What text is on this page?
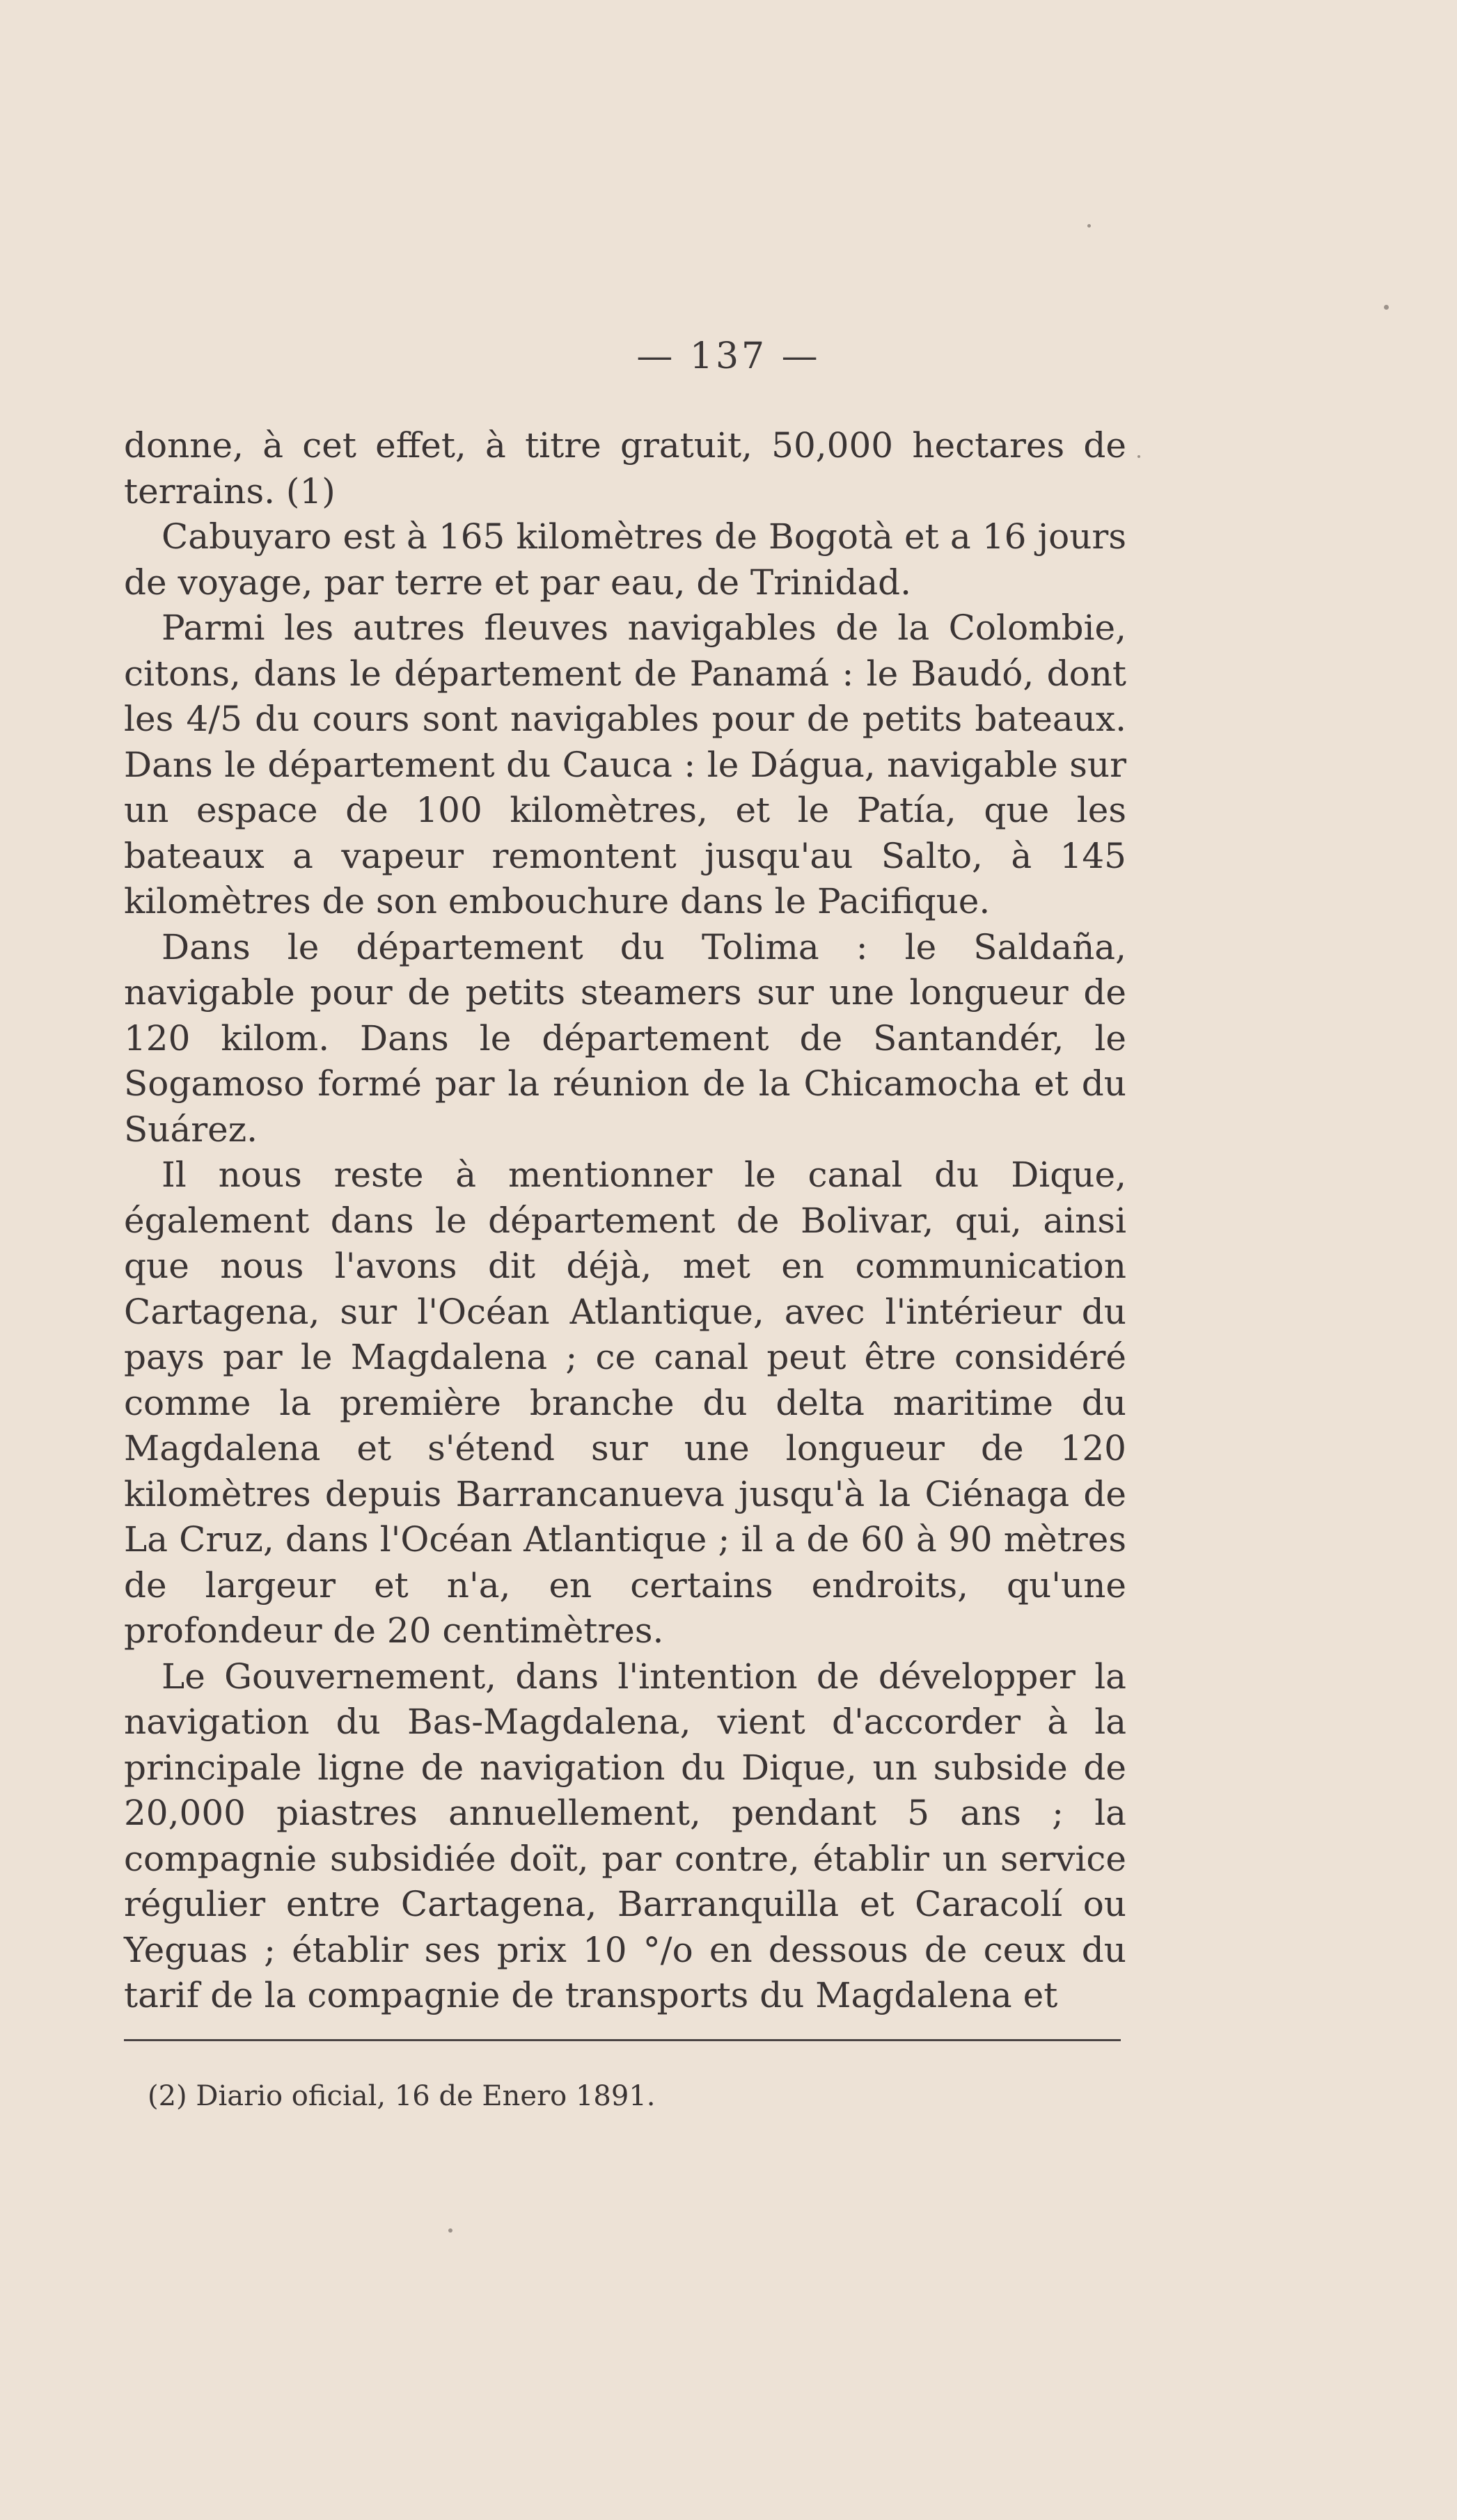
— 137 —

donne, à cet effet, à titre gratuit, 50,000 hectares de terrains. (1)

Cabuyaro est à 165 kilomètres de Bogotà et a 16 jours de voyage, par terre et par eau, de Trinidad.

Parmi les autres fleuves navigables de la Colombie, citons, dans le département de Panamá : le Baudó, dont les 4/5 du cours sont navigables pour de petits bateaux. Dans le département du Cauca : le Dágua, navigable sur un espace de 100 kilomètres, et le Patía, que les bateaux a vapeur remontent jusqu'au Salto, à 145 kilomètres de son embouchure dans le Pacifique.

Dans le département du Tolima : le Saldaña, navigable pour de petits steamers sur une longueur de 120 kilom. Dans le département de Santandér, le Sogamoso formé par la réunion de la Chicamocha et du Suárez.

Il nous reste à mentionner le canal du Dique, également dans le département de Bolivar, qui, ainsi que nous l'avons dit déjà, met en communication Cartagena, sur l'Océan Atlantique, avec l'intérieur du pays par le Magdalena ; ce canal peut être considéré comme la première branche du delta maritime du Magdalena et s'étend sur une longueur de 120 kilomètres depuis Barrancanueva jusqu'à la Ciénaga de La Cruz, dans l'Océan Atlantique ; il a de 60 à 90 mètres de largeur et n'a, en certains endroits, qu'une profondeur de 20 centimètres.

Le Gouvernement, dans l'intention de développer la navigation du Bas-Magdalena, vient d'accorder à la principale ligne de navigation du Dique, un subside de 20,000 piastres annuellement, pendant 5 ans ; la compagnie subsidiée doït, par contre, établir un service régulier entre Cartagena, Barranquilla et Caracolí ou Yeguas ; établir ses prix 10 °/o en dessous de ceux du tarif de la compagnie de transports du Magdalena et

(2) Diario oficial, 16 de Enero 1891.
